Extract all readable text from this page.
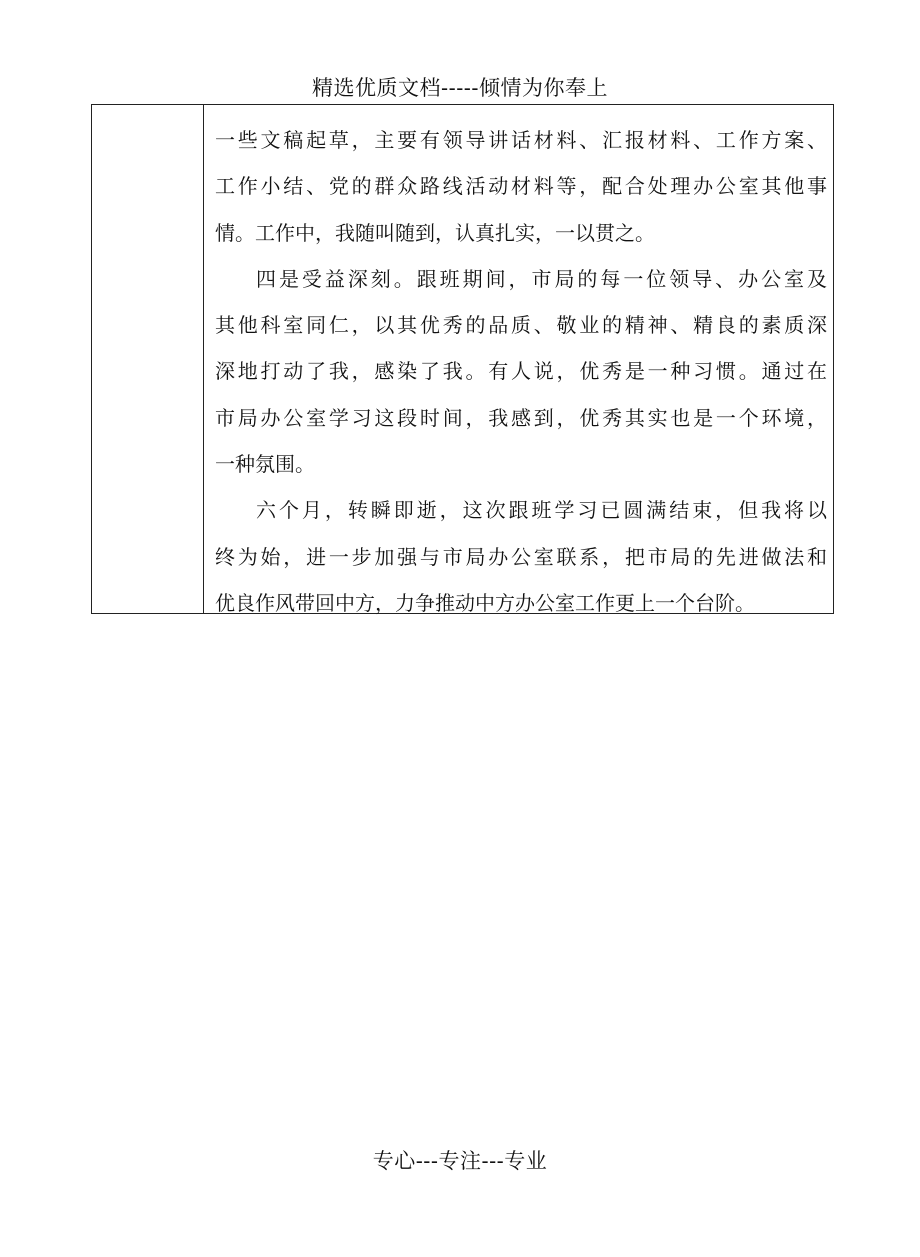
精选优质文档-----倾情为你奉上
一些文稿起草，主要有领导讲话材料、汇报材料、工作方案、
工作小结、党的群众路线活动材料等，配合处理办公室其他事
情。工作中，我随叫随到，认真扎实，一以贯之。
四是受益深刻。跟班期间，市局的每一位领导、办公室及
其他科室同仁，以其优秀的品质、敬业的精神、精良的素质深
深地打动了我，感染了我。有人说，优秀是一种习惯。通过在
市局办公室学习这段时间，我感到，优秀其实也是一个环境，
一种氛围。
六个月，转瞬即逝，这次跟班学习已圆满结束，但我将以
终为始，进一步加强与市局办公室联系，把市局的先进做法和
优良作风带回中方，力争推动中方办公室工作更上一个台阶。
专心---专注---专业
